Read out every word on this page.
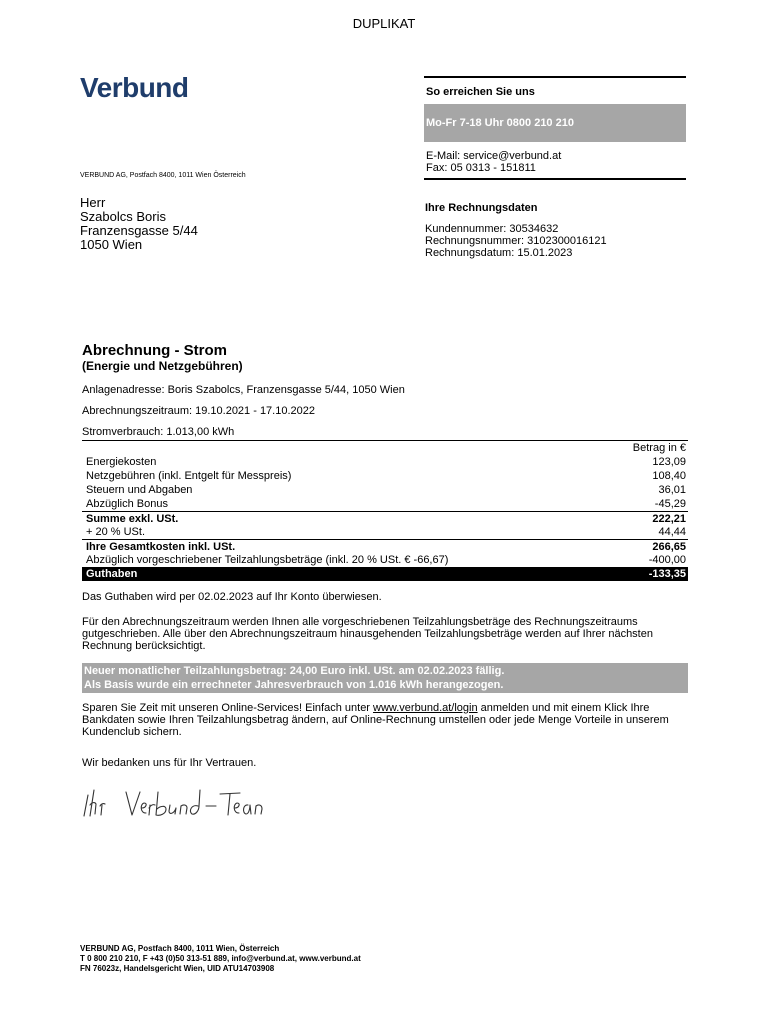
DUPLIKAT
Verbund
VERBUND AG, Postfach 8400, 1011 Wien Österreich
Herr
Szabolcs Boris
Franzensgasse 5/44
1050 Wien
So erreichen Sie uns
Mo-Fr 7-18 Uhr 0800 210 210
E-Mail: service@verbund.at
Fax: 05 0313 - 151811
Ihre Rechnungsdaten
Kundennummer: 30534632
Rechnungsnummer: 3102300016121
Rechnungsdatum: 15.01.2023
Abrechnung - Strom
(Energie und Netzgebühren)
Anlagenadresse: Boris Szabolcs, Franzensgasse 5/44, 1050 Wien
Abrechnungszeitraum: 19.10.2021 - 17.10.2022
Stromverbrauch: 1.013,00 kWh
Betrag in €
Energiekosten	123,09
Netzgebühren (inkl. Entgelt für Messpreis)	108,40
Steuern und Abgaben	36,01
Abzüglich Bonus	-45,29
Summe exkl. USt.	222,21
+ 20 % USt.	44,44
Ihre Gesamtkosten inkl. USt.	266,65
Abzüglich vorgeschriebener Teilzahlungsbeträge (inkl. 20 % USt. € -66,67)	-400,00
Guthaben	-133,35
Das Guthaben wird per 02.02.2023 auf Ihr Konto überwiesen.
Für den Abrechnungszeitraum werden Ihnen alle vorgeschriebenen Teilzahlungsbeträge des Rechnungszeitraums gutgeschrieben. Alle über den Abrechnungszeitraum hinausgehenden Teilzahlungsbeträge werden auf Ihrer nächsten Rechnung berücksichtigt.
Neuer monatlicher Teilzahlungsbetrag: 24,00 Euro inkl. USt. am 02.02.2023 fällig.
Als Basis wurde ein errechneter Jahresverbrauch von 1.016 kWh herangezogen.
Sparen Sie Zeit mit unseren Online-Services! Einfach unter www.verbund.at/login anmelden und mit einem Klick Ihre Bankdaten sowie Ihren Teilzahlungsbetrag ändern, auf Online-Rechnung umstellen oder jede Menge Vorteile in unserem Kundenclub sichern.
Wir bedanken uns für Ihr Vertrauen.
VERBUND AG, Postfach 8400, 1011 Wien, Österreich
T 0 800 210 210, F +43 (0)50 313-51 889, info@verbund.at, www.verbund.at
FN 76023z, Handelsgericht Wien, UID ATU14703908
